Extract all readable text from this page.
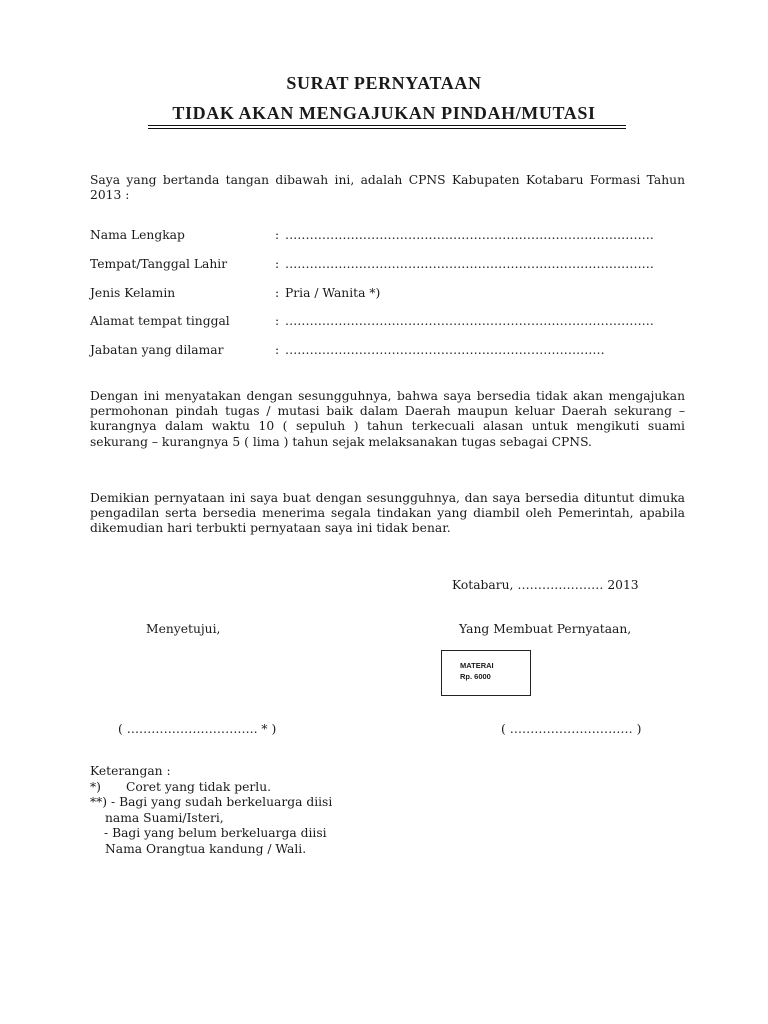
SURAT PERNYATAAN
TIDAK AKAN MENGAJUKAN PINDAH/MUTASI

Saya yang bertanda tangan dibawah ini, adalah CPNS Kabupaten Kotabaru Formasi Tahun 2013 :

Nama Lengkap	: ………………………………………………………………………………
Tempat/Tanggal Lahir	: ………………………………………………………………………………
Jenis Kelamin	: Pria / Wanita *)
Alamat tempat tinggal	: ………………………………………………………………………………
Jabatan yang dilamar	: ……………………………………………………………………

Dengan ini menyatakan dengan sesungguhnya, bahwa saya bersedia tidak akan mengajukan permohonan pindah tugas / mutasi baik dalam Daerah maupun keluar Daerah sekurang – kurangnya dalam waktu 10 ( sepuluh ) tahun terkecuali alasan untuk mengikuti suami sekurang – kurangnya 5 ( lima ) tahun sejak melaksanakan tugas sebagai CPNS.

Demikian pernyataan ini saya buat dengan sesungguhnya, dan saya bersedia dituntut dimuka pengadilan serta bersedia menerima segala tindakan yang diambil oleh Pemerintah, apabila dikemudian hari terbukti pernyataan saya ini tidak benar.

Kotabaru, ………………… 2013

Menyetujui,	Yang Membuat Pernyataan,

MATERAI
Rp. 6000

( ………………………….. * )	( ………………………… )

Keterangan :
*) Coret yang tidak perlu.
**) - Bagi yang sudah berkeluarga diisi
nama Suami/Isteri,
- Bagi yang belum berkeluarga diisi
Nama Orangtua kandung / Wali.
